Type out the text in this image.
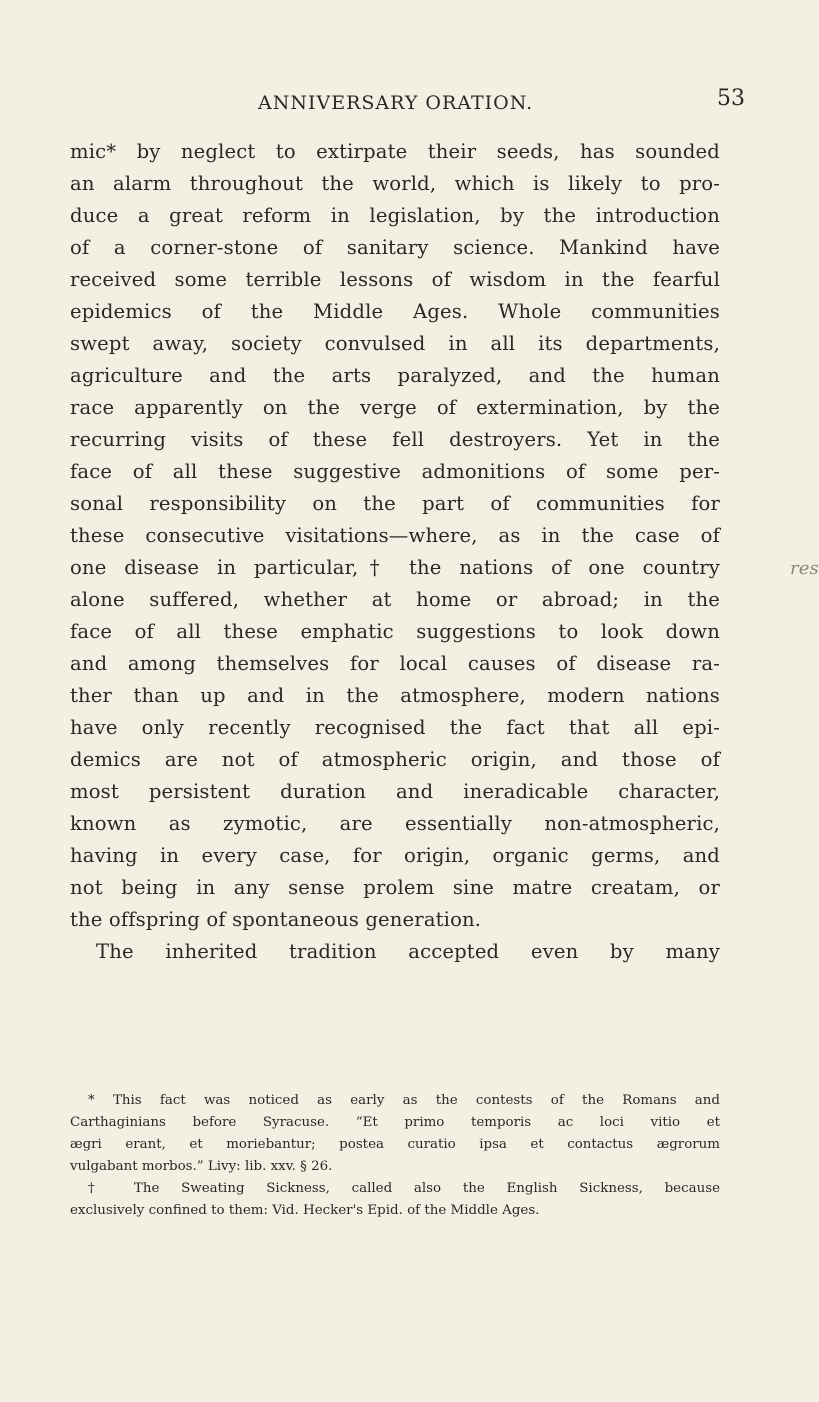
ANNIVERSARY ORATION.	53
mic* by neglect to extirpate their seeds, has sounded
an alarm throughout the world, which is likely to pro-
duce a great reform in legislation, by the introduction
of a corner-stone of sanitary science. Mankind have
received some terrible lessons of wisdom in the fearful
epidemics of the Middle Ages. Whole communities
swept away, society convulsed in all its departments,
agriculture and the arts paralyzed, and the human
race apparently on the verge of extermination, by the
recurring visits of these fell destroyers. Yet in the
face of all these suggestive admonitions of some per-
sonal responsibility on the part of communities for
these consecutive visitations—where, as in the case of
one disease in particular,† the nations of one country	res
alone suffered, whether at home or abroad; in the
face of all these emphatic suggestions to look down
and among themselves for local causes of disease ra-
ther than up and in the atmosphere, modern nations
have only recently recognised the fact that all epi-
demics are not of atmospheric origin, and those of
most persistent duration and ineradicable character,
known as zymotic, are essentially non-atmospheric,
having in every case, for origin, organic germs, and
not being in any sense prolem sine matre creatam, or
the offspring of spontaneous generation.
The inherited tradition accepted even by many
* This fact was noticed as early as the contests of the Romans and
Carthaginians before Syracuse. “Et primo temporis ac loci vitio et
ægri erant, et moriebantur; postea curatio ipsa et contactus ægrorum
vulgabant morbos.” Livy: lib. xxv. § 26.
† The Sweating Sickness, called also the English Sickness, because
exclusively confined to them: Vid. Hecker's Epid. of the Middle Ages.
